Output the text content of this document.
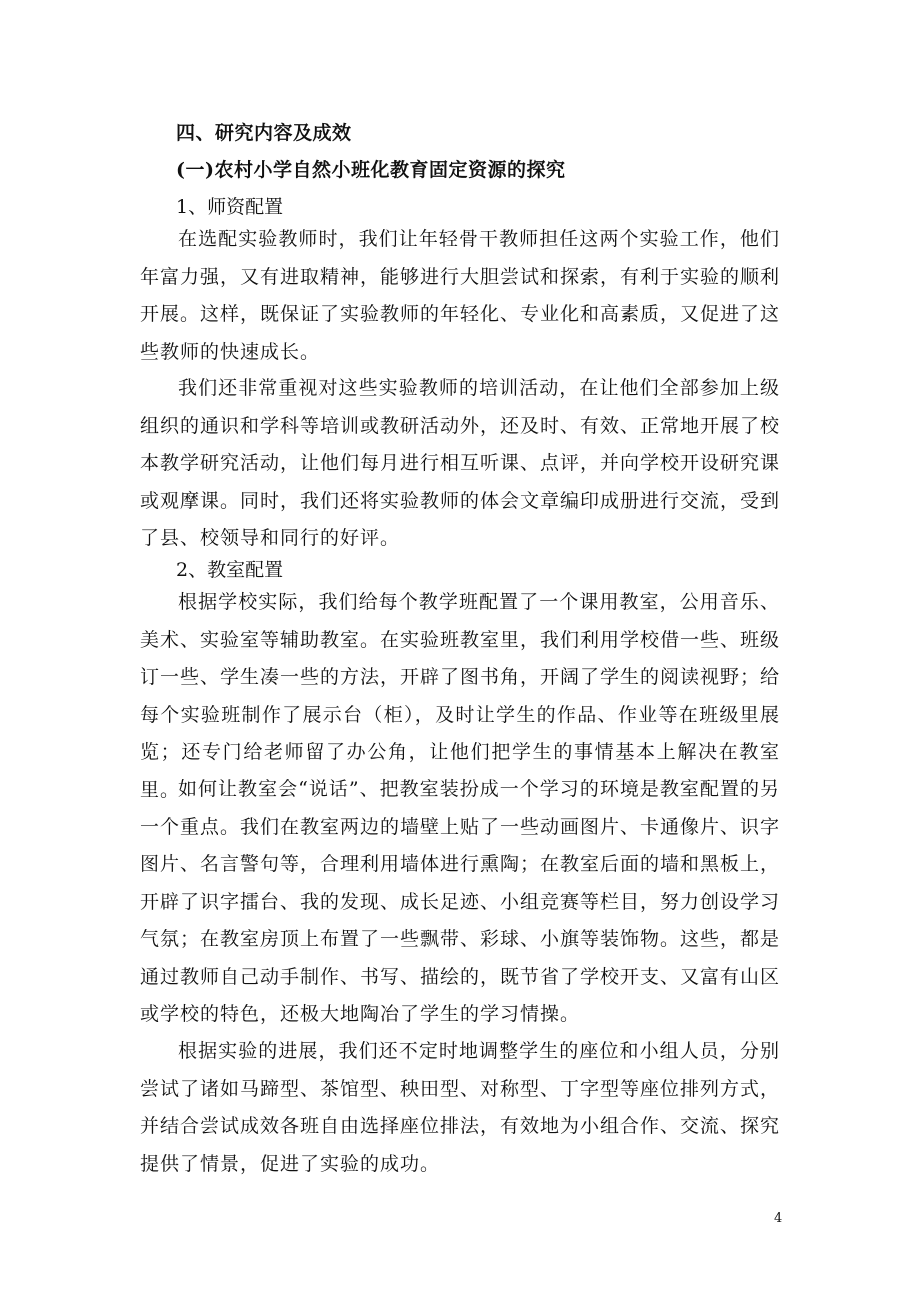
四、研究内容及成效
(一)农村小学自然小班化教育固定资源的探究
1、师资配置
在选配实验教师时，我们让年轻骨干教师担任这两个实验工作，他们年富力强，又有进取精神，能够进行大胆尝试和探索，有利于实验的顺利开展。这样，既保证了实验教师的年轻化、专业化和高素质，又促进了这些教师的快速成长。
我们还非常重视对这些实验教师的培训活动，在让他们全部参加上级组织的通识和学科等培训或教研活动外，还及时、有效、正常地开展了校本教学研究活动，让他们每月进行相互听课、点评，并向学校开设研究课或观摩课。同时，我们还将实验教师的体会文章编印成册进行交流，受到了县、校领导和同行的好评。
2、教室配置
根据学校实际，我们给每个教学班配置了一个课用教室，公用音乐、美术、实验室等辅助教室。在实验班教室里，我们利用学校借一些、班级订一些、学生凑一些的方法，开辟了图书角，开阔了学生的阅读视野；给每个实验班制作了展示台（柜），及时让学生的作品、作业等在班级里展览；还专门给老师留了办公角，让他们把学生的事情基本上解决在教室里。
如何让教室会“说话”、把教室装扮成一个学习的环境是教室配置的另一个重点。我们在教室两边的墙壁上贴了一些动画图片、卡通像片、识字图片、名言警句等，合理利用墙体进行熏陶；在教室后面的墙和黑板上，开辟了识字擂台、我的发现、成长足迹、小组竞赛等栏目，努力创设学习气氛；在教室房顶上布置了一些飘带、彩球、小旗等装饰物。这些，都是通过教师自己动手制作、书写、描绘的，既节省了学校开支、又富有山区或学校的特色，还极大地陶冶了学生的学习情操。
根据实验的进展，我们还不定时地调整学生的座位和小组人员，分别尝试了诸如马蹄型、茶馆型、秧田型、对称型、丁字型等座位排列方式，并结合尝试成效各班自由选择座位排法，有效地为小组合作、交流、探究提供了情景，促进了实验的成功。
4
